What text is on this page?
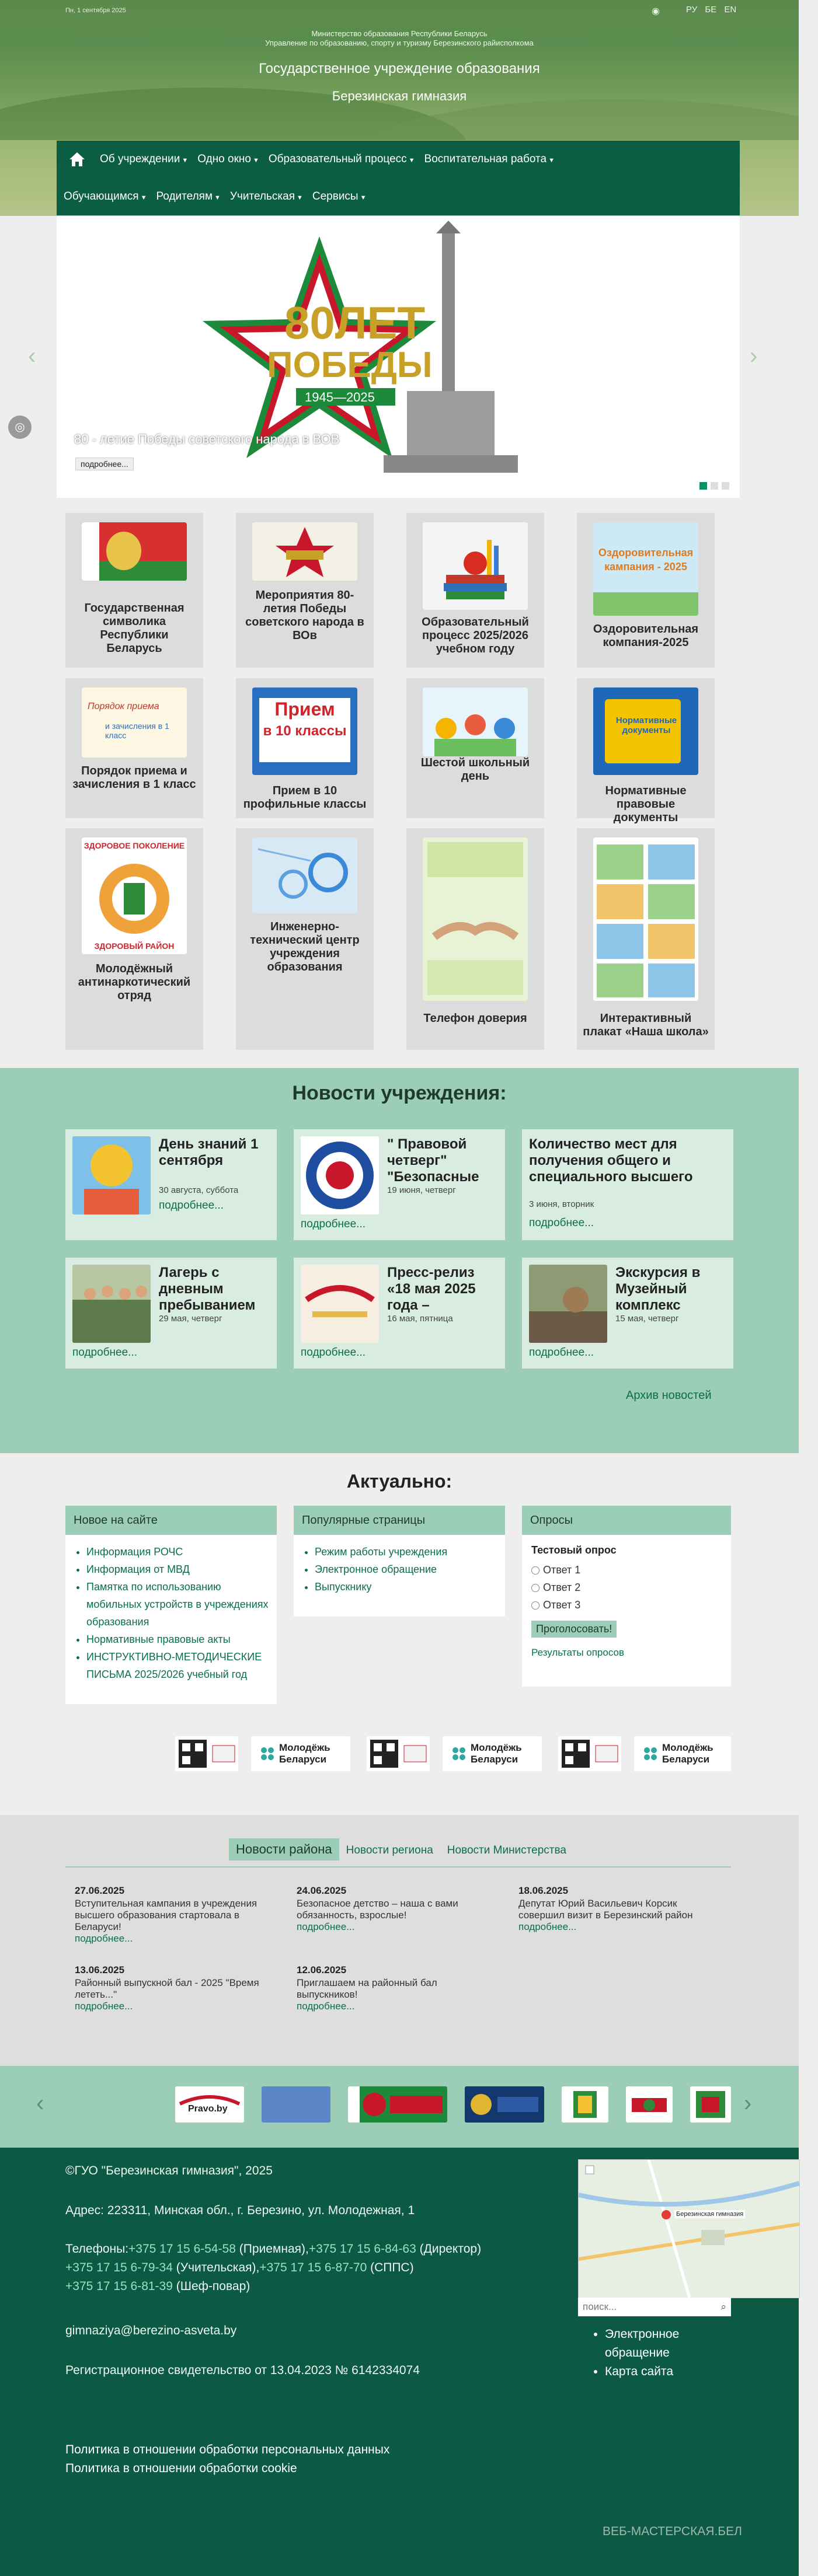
Пн, 1 сентября 2025	◉	РУ БЕ EN
Министерство образования Республики Беларусь
Управление по образованию, спорту и туризму Березинского райисполкома
Государственное учреждение образования
Березинская гимназия
Об учреждении ▼ Одно окно ▼ Образовательный процесс ▼ Воспитательная работа ▼
Обучающимся ▼ Родителям ▼ Учительская ▼ Сервисы ▼
‹	›
◎
80ЛЕТ
ПОБЕДЫ
1945—2025
80 - летие Победы советского народа в ВОВ
подробнее...
Государственная символика Республики Беларусь
Мероприятия 80-летия Победы советского народа в ВОв
Образовательный процесс 2025/2026 учебном году
Оздоровительная кампания - 2025
Оздоровительная компания-2025
Порядок приема
и зачисления в 1 класс
Порядок приема и зачисления в 1 класс
Прием
в 10 классы
Прием в 10 профильные классы
Шестой школьный день
Нормативные документы
Нормативные правовые документы
ЗДОРОВОЕ ПОКОЛЕНИЕ
ЗДОРОВЫЙ РАЙОН
Молодёжный антинаркотический отряд
Инженерно-технический центр учреждения образования
Телефон доверия	Интерактивный плакат «Наша школа»
Новости учреждения:
День знаний 1 сентября
30 августа, суббота
подробнее...
" Правовой четверг" "Безопасные
19 июня, четверг
подробнее...
Количество мест для получения общего и специального высшего
3 июня, вторник
подробнее...
Лагерь с дневным пребыванием
29 мая, четверг
подробнее...
Пресс-релиз «18 мая 2025 года –
16 мая, пятница
подробнее...
Экскурсия в Музейный комплекс
15 мая, четверг
подробнее...
Архив новостей
Актуально:
Новое на сайте
• Информация РОЧС
• Информация от МВД
• Памятка по использованию мобильных устройств в учреждениях образования
• Нормативные правовые акты
• ИНСТРУКТИВНО-МЕТОДИЧЕСКИЕ ПИСЬМА 2025/2026 учебный год
Популярные страницы
• Режим работы учреждения
• Электронное обращение
• Выпускнику
Опросы
Тестовый опрос
Ответ 1
Ответ 2
Ответ 3
Проголосовать!
Результаты опросов
Молодёжь Беларуси
Молодёжь Беларуси
Молодёжь Беларуси
Новости района	Новости региона	Новости Министерства
27.06.2025
Вступительная кампания в учреждения высшего образования стартовала в Беларуси!
подробнее...
24.06.2025
Безопасное детство – наша с вами обязанность, взрослые!
подробнее...
18.06.2025
Депутат Юрий Васильевич Корсик совершил визит в Березинский район
подробнее...
13.06.2025
Районный выпускной бал - 2025 "Время лететь..."
подробнее...
12.06.2025
Приглашаем на районный бал выпускников!
подробнее...
‹	›
Pravo.by
©ГУО "Березинская гимназия", 2025
Адрес: 223311, Минская обл., г. Березино, ул. Молодежная, 1
Телефоны:+375 17 15 6-54-58 (Приемная),+375 17 15 6-84-63 (Директор)
+375 17 15 6-79-34 (Учительская),+375 17 15 6-87-70 (СППС)
+375 17 15 6-81-39 (Шеф-повар)
gimnaziya@berezino-asveta.by
Регистрационное свидетельство от 13.04.2023 № 6142334074
Политика в отношении обработки персональных данных
Политика в отношении обработки cookie
Березинская гимназия
поиск...	⌕
• Электронное обращение
• Карта сайта
ВЕБ-МАСТЕРСКАЯ.БЕЛ
